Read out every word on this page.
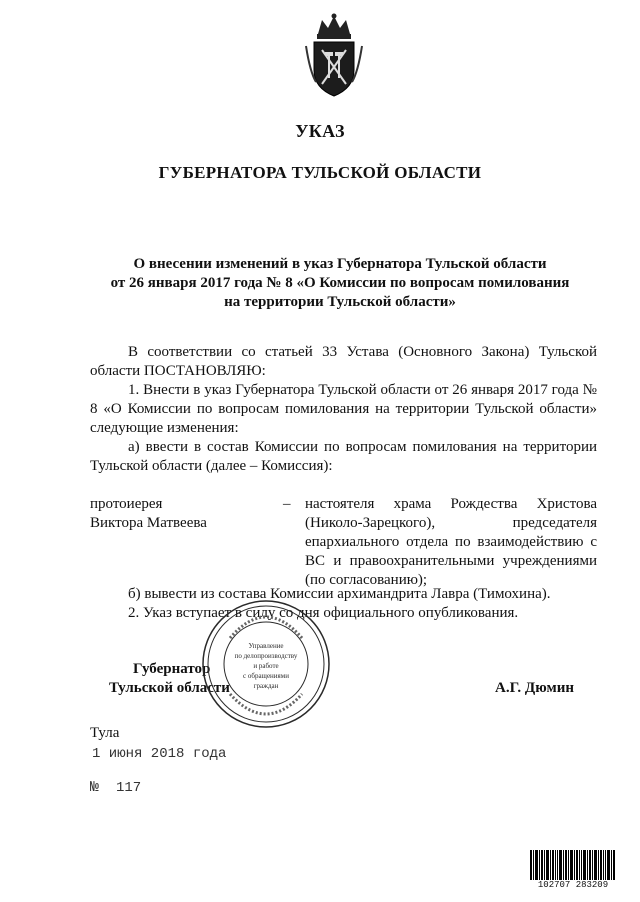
УКАЗ
ГУБЕРНАТОРА ТУЛЬСКОЙ ОБЛАСТИ
О внесении изменений в указ Губернатора Тульской области
от 26 января 2017 года № 8 «О Комиссии по вопросам помилования
на территории Тульской области»

В соответствии со статьей 33 Устава (Основного Закона) Тульской области ПОСТАНОВЛЯЮ:

1. Внести в указ Губернатора Тульской области от 26 января 2017 года № 8 «О Комиссии по вопросам помилования на территории Тульской области» следующие изменения:

а) ввести в состав Комиссии по вопросам помилования на территории Тульской области (далее – Комиссия):

протоиерея
Виктора Матвеева
– настоятеля храма Рождества Христова (Николо-Зарецкого), председателя епархиального отдела по взаимодействию с ВС и правоохранительными учреждениями (по согласованию);

б) вывести из состава Комиссии архимандрита Лавра (Тимохина).

2. Указ вступает в силу со дня официального опубликования.

Губернатор
Тульской области	А.Г. Дюмин
Управление
по делопроизводству
и работе
с обращениями
граждан
Тула
1 июня 2018 года
№ 117
102707 283209
